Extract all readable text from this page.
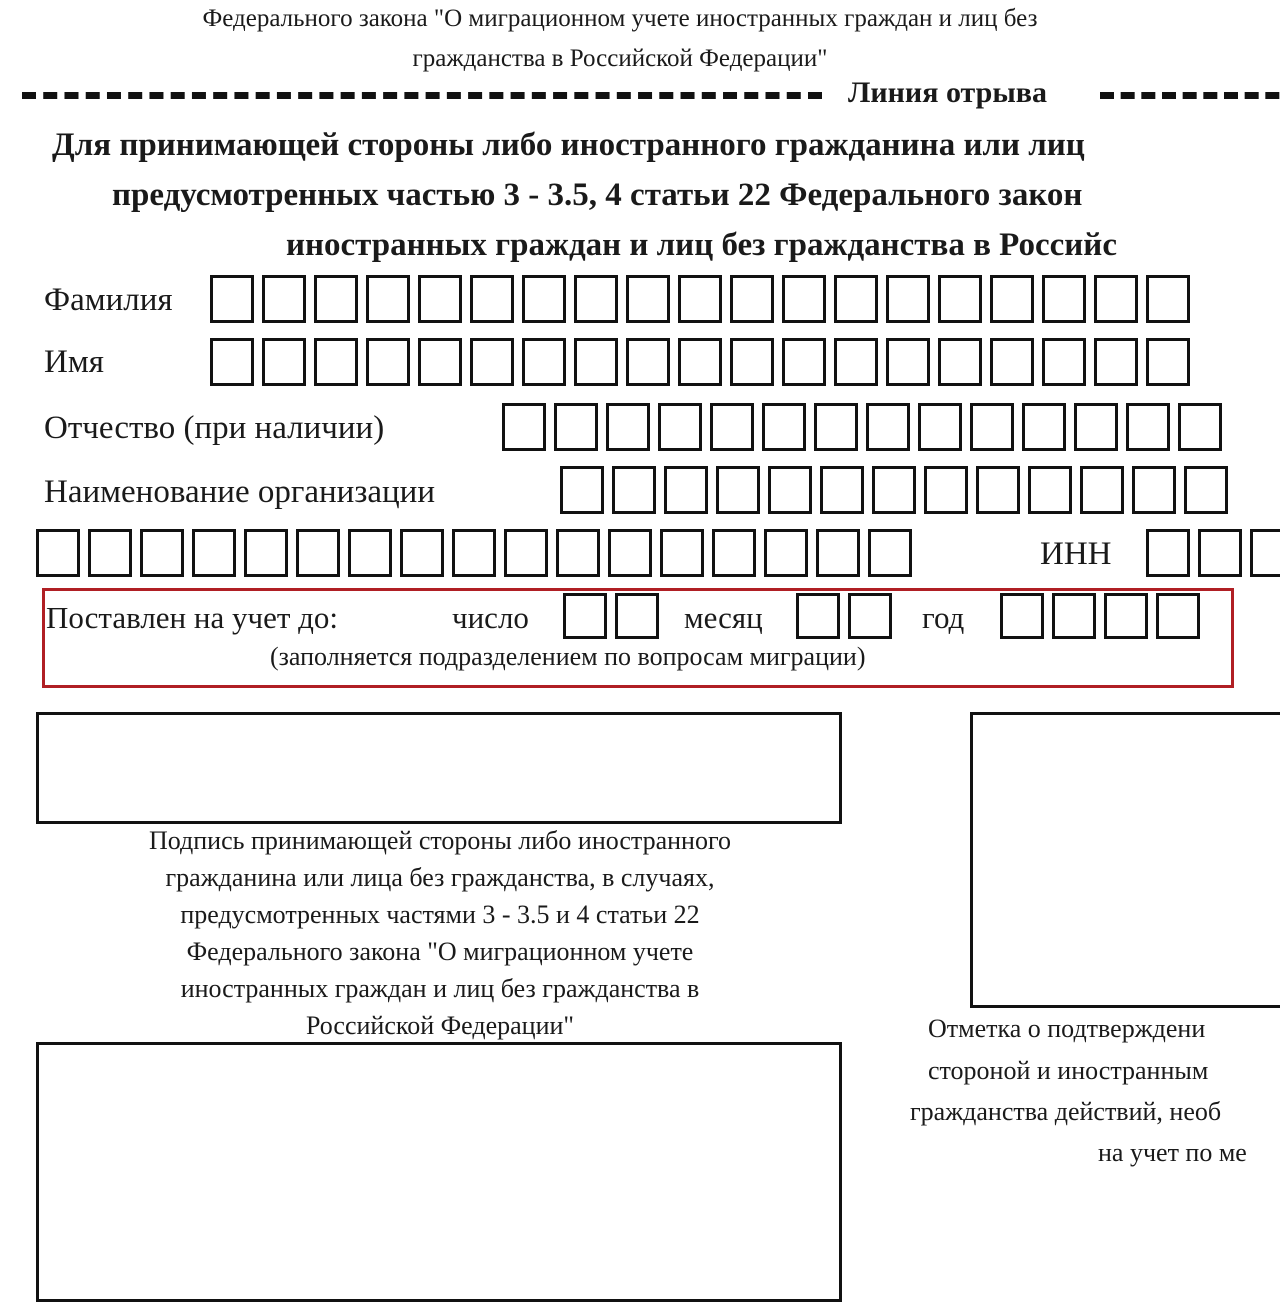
Федерального закона "О миграционном учете иностранных граждан и лиц без
гражданства в Российской Федерации"
Линия отрыва
Для принимающей стороны либо иностранного гражданина или лиц
предусмотренных частью 3 - 3.5, 4 статьи 22 Федерального закон
иностранных граждан и лиц без гражданства в Российс
Фамилия
Имя
Отчество (при наличии)
Наименование организации
ИНН
Поставлен на учет до:	число	месяц	год
(заполняется подразделением по вопросам миграции)
Подпись принимающей стороны либо иностранного
гражданина или лица без гражданства, в случаях,
предусмотренных частями 3 - 3.5 и 4 статьи 22
Федерального закона "О миграционном учете
иностранных граждан и лиц без гражданства в
Российской Федерации"	Отметка о подтверждени
стороной и иностранным
гражданства действий, необ
на учет по ме
